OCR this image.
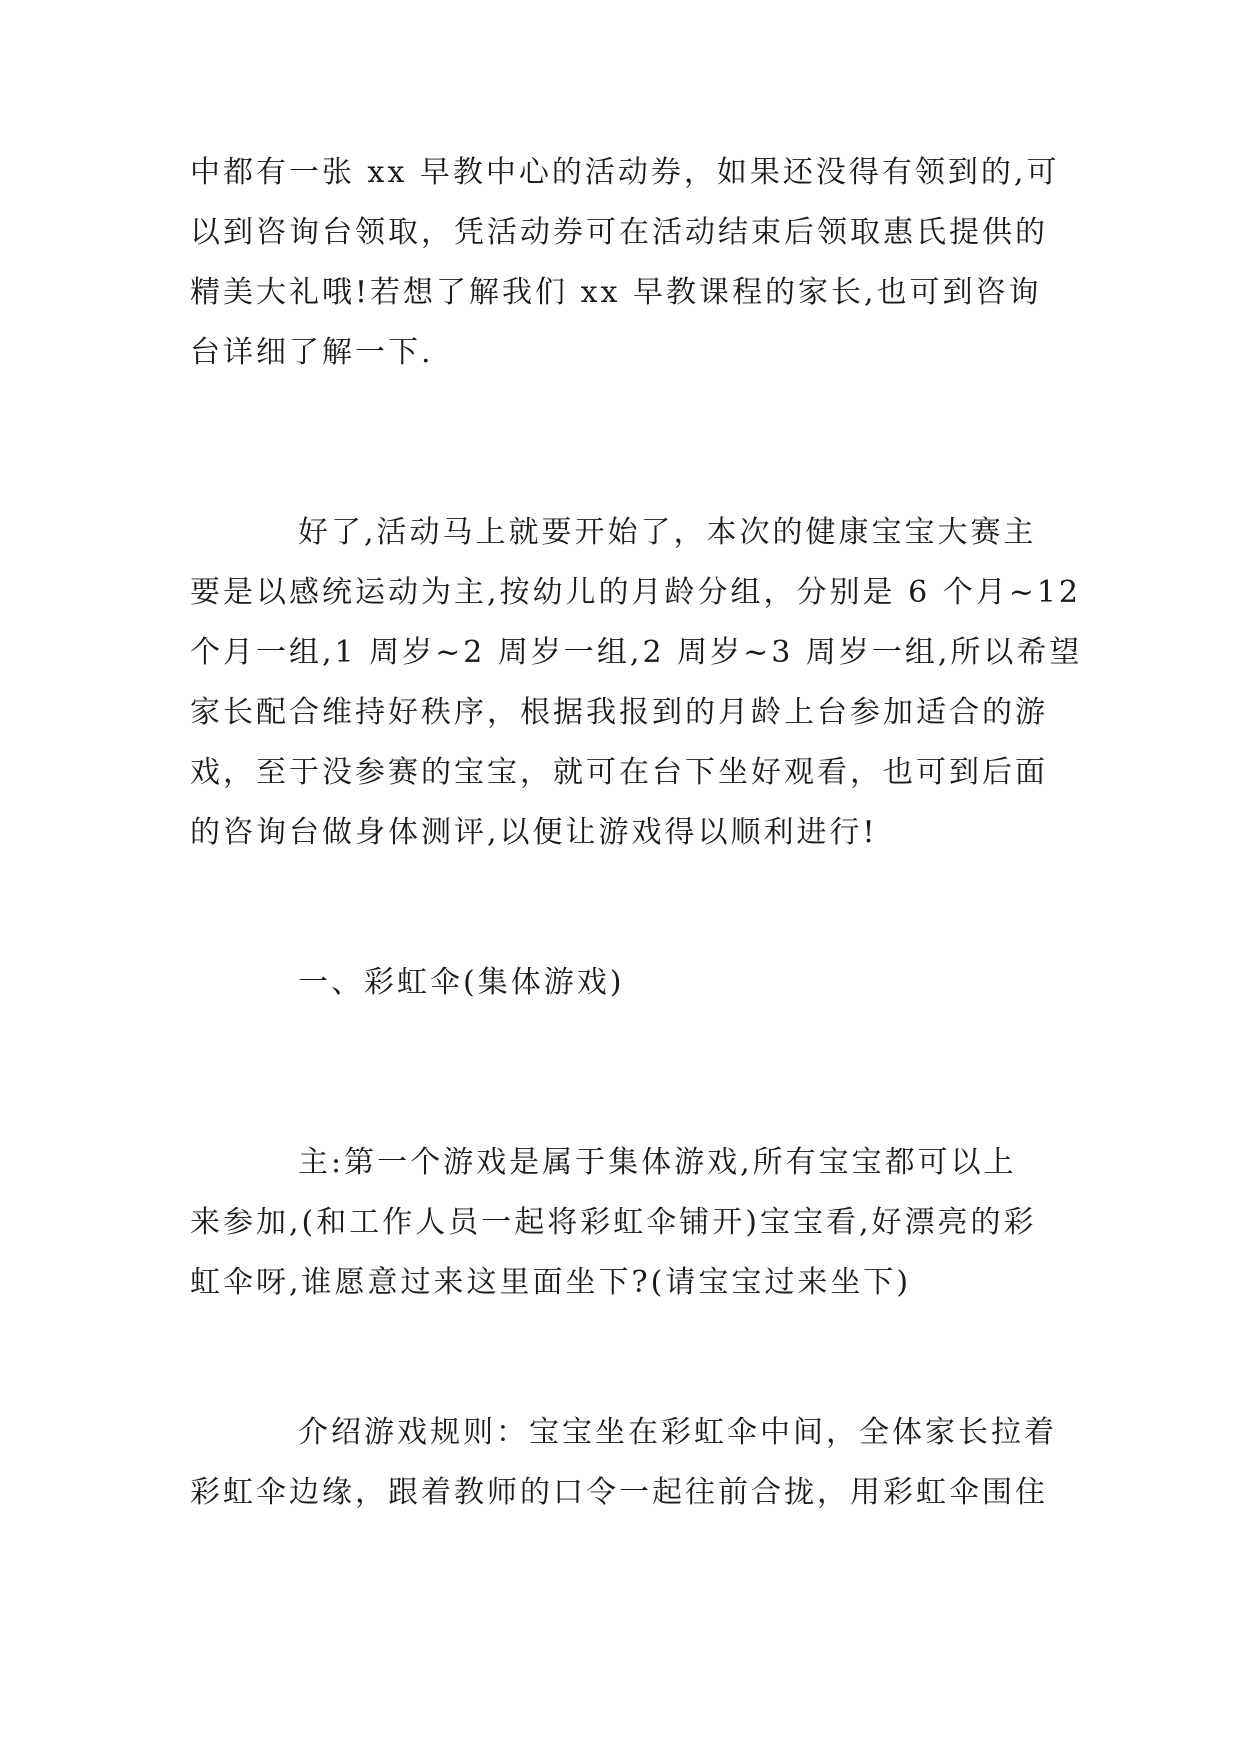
中都有一张 xx 早教中心的活动券，如果还没得有领到的,可
以到咨询台领取，凭活动券可在活动结束后领取惠氏提供的
精美大礼哦!若想了解我们 xx 早教课程的家长,也可到咨询
台详细了解一下.
好了,活动马上就要开始了，本次的健康宝宝大赛主
要是以感统运动为主,按幼儿的月龄分组，分别是 6 个月~12
个月一组,1 周岁~2 周岁一组,2 周岁~3 周岁一组,所以希望
家长配合维持好秩序，根据我报到的月龄上台参加适合的游
戏，至于没参赛的宝宝，就可在台下坐好观看，也可到后面
的咨询台做身体测评,以便让游戏得以顺利进行!
一、彩虹伞(集体游戏)
主:第一个游戏是属于集体游戏,所有宝宝都可以上
来参加,(和工作人员一起将彩虹伞铺开)宝宝看,好漂亮的彩
虹伞呀,谁愿意过来这里面坐下?(请宝宝过来坐下)
介绍游戏规则：宝宝坐在彩虹伞中间，全体家长拉着
彩虹伞边缘，跟着教师的口令一起往前合拢，用彩虹伞围住
